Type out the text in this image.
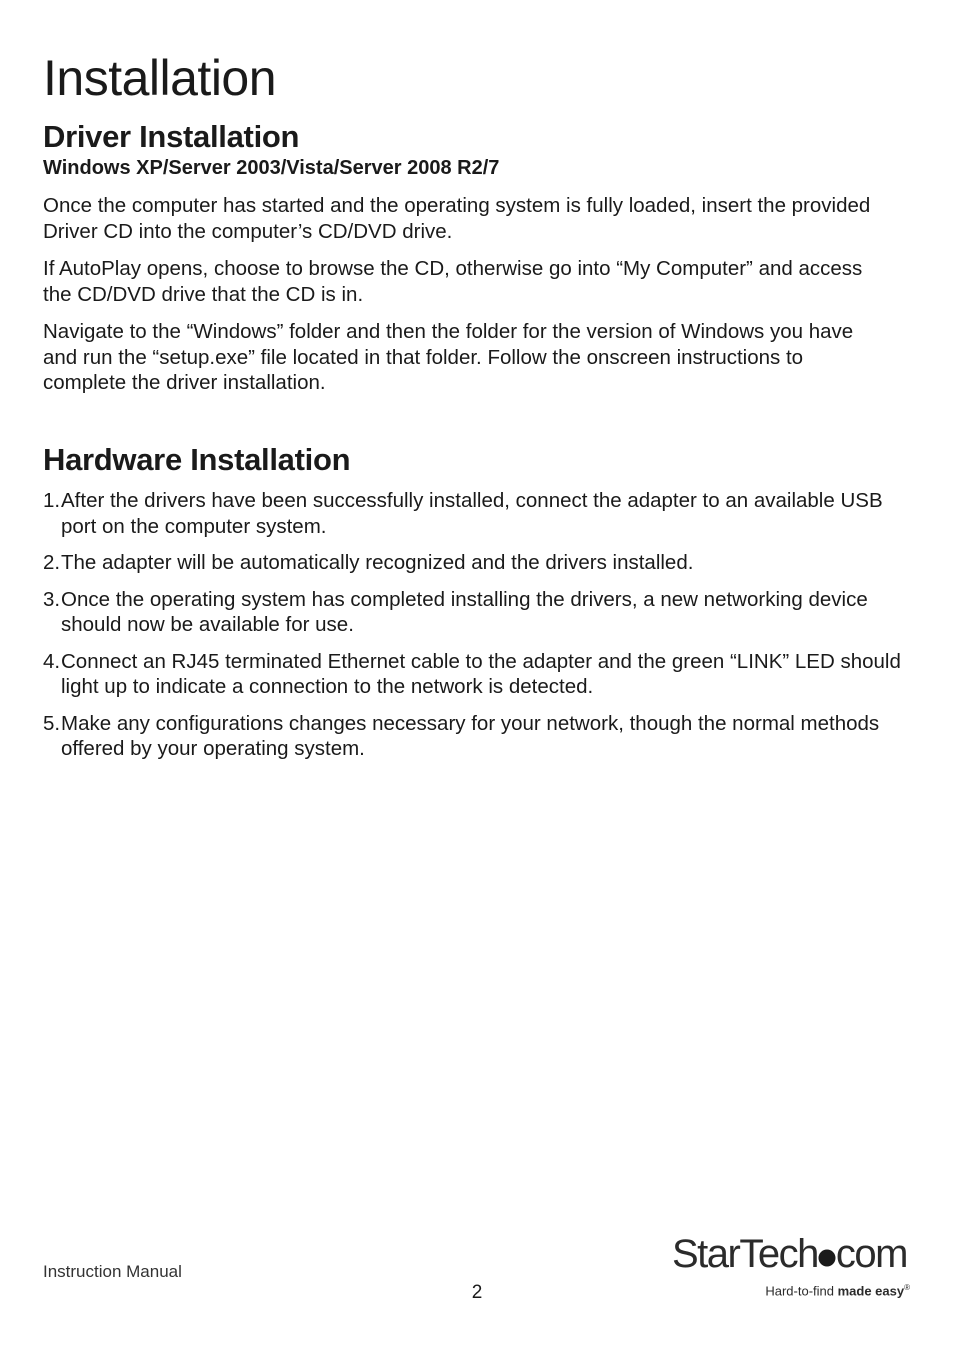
Installation
Driver Installation
Windows XP/Server 2003/Vista/Server 2008 R2/7

Once the computer has started and the operating system is fully loaded, insert the provided Driver CD into the computer’s CD/DVD drive.

If AutoPlay opens, choose to browse the CD, otherwise go into “My Computer” and access the CD/DVD drive that the CD is in.

Navigate to the “Windows” folder and then the folder for the version of Windows you have and run the “setup.exe” file located in that folder. Follow the onscreen instructions to complete the driver installation.

Hardware Installation
1. After the drivers have been successfully installed, connect the adapter to an available USB port on the computer system.
2. The adapter will be automatically recognized and the drivers installed.
3. Once the operating system has completed installing the drivers, a new networking device should now be available for use.
4. Connect an RJ45 terminated Ethernet cable to the adapter and the green “LINK” LED should light up to indicate a connection to the network is detected.
5. Make any configurations changes necessary for your network, though the normal methods offered by your operating system.
Instruction Manual
2
StarTech com
Hard-to-find made easy®
